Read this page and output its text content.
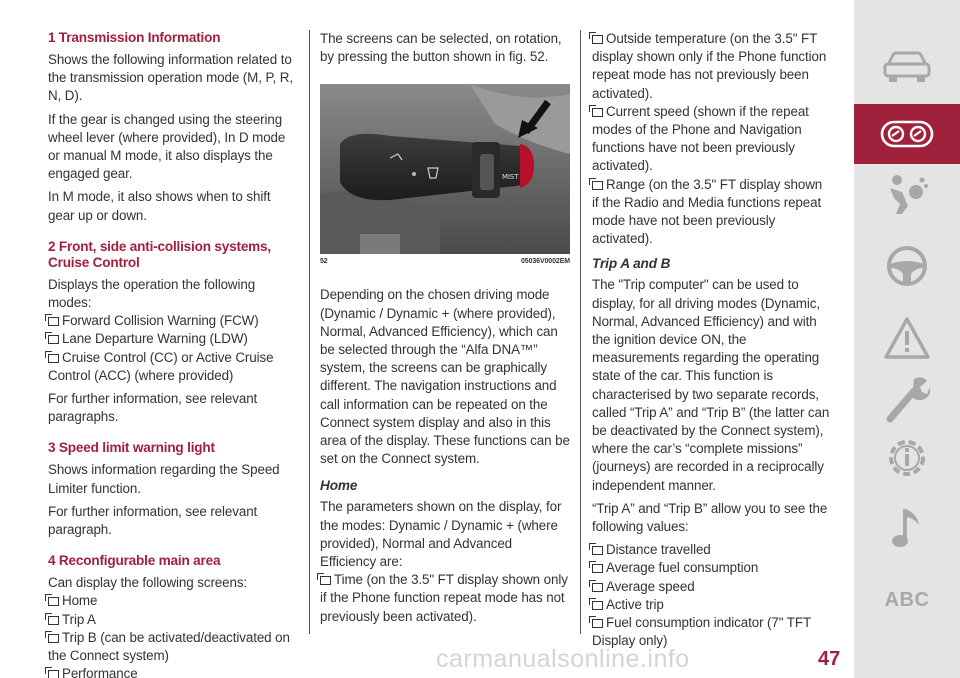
1 Transmission Information

Shows the following information related to the transmission operation mode (M, P, R, N, D).

If the gear is changed using the steering wheel lever (where provided), In D mode or manual M mode, it also displays the engaged gear.

In M mode, it also shows when to shift gear up or down.

2 Front, side anti-collision systems, Cruise Control

Displays the operation the following modes:

Forward Collision Warning (FCW)
Lane Departure Warning (LDW)
Cruise Control (CC) or Active Cruise Control (ACC) (where provided)

For further information, see relevant paragraphs.

3 Speed limit warning light

Shows information regarding the Speed Limiter function.

For further information, see relevant paragraph.

4 Reconfigurable main area

Can display the following screens:

Home
Trip A
Trip B (can be activated/deactivated on the Connect system)
Performance

The screens can be selected, on rotation, by pressing the button shown in fig. 52.

MIST
52	05036V0002EM

Depending on the chosen driving mode (Dynamic / Dynamic + (where provided), Normal, Advanced Efficiency), which can be selected through the “Alfa DNA™” system, the screens can be graphically different. The navigation instructions and call information can be repeated on the Connect system display and also in this area of the display. These functions can be set on the Connect system.

Home

The parameters shown on the display, for the modes: Dynamic / Dynamic + (where provided), Normal and Advanced Efficiency are:

Time (on the 3.5" FT display shown only if the Phone function repeat mode has not previously been activated).
Outside temperature (on the 3.5" FT display shown only if the Phone function repeat mode has not previously been activated).
Current speed (shown if the repeat modes of the Phone and Navigation functions have not been previously activated).
Range (on the 3.5" FT display shown if the Radio and Media functions repeat mode have not been previously activated).
Trip A and B

The "Trip computer" can be used to display, for all driving modes (Dynamic, Normal, Advanced Efficiency) and with the ignition device ON, the measurements regarding the operating state of the car. This function is characterised by two separate records, called “Trip A” and “Trip B” (the latter can be deactivated by the Connect system), where the car’s “complete missions” (journeys) are recorded in a reciprocally independent manner.

“Trip A” and “Trip B” allow you to see the following values:

Distance travelled
Average fuel consumption
Average speed
Active trip
Fuel consumption indicator (7" TFT Display only)
ABC
carmanualsonline.info	47
